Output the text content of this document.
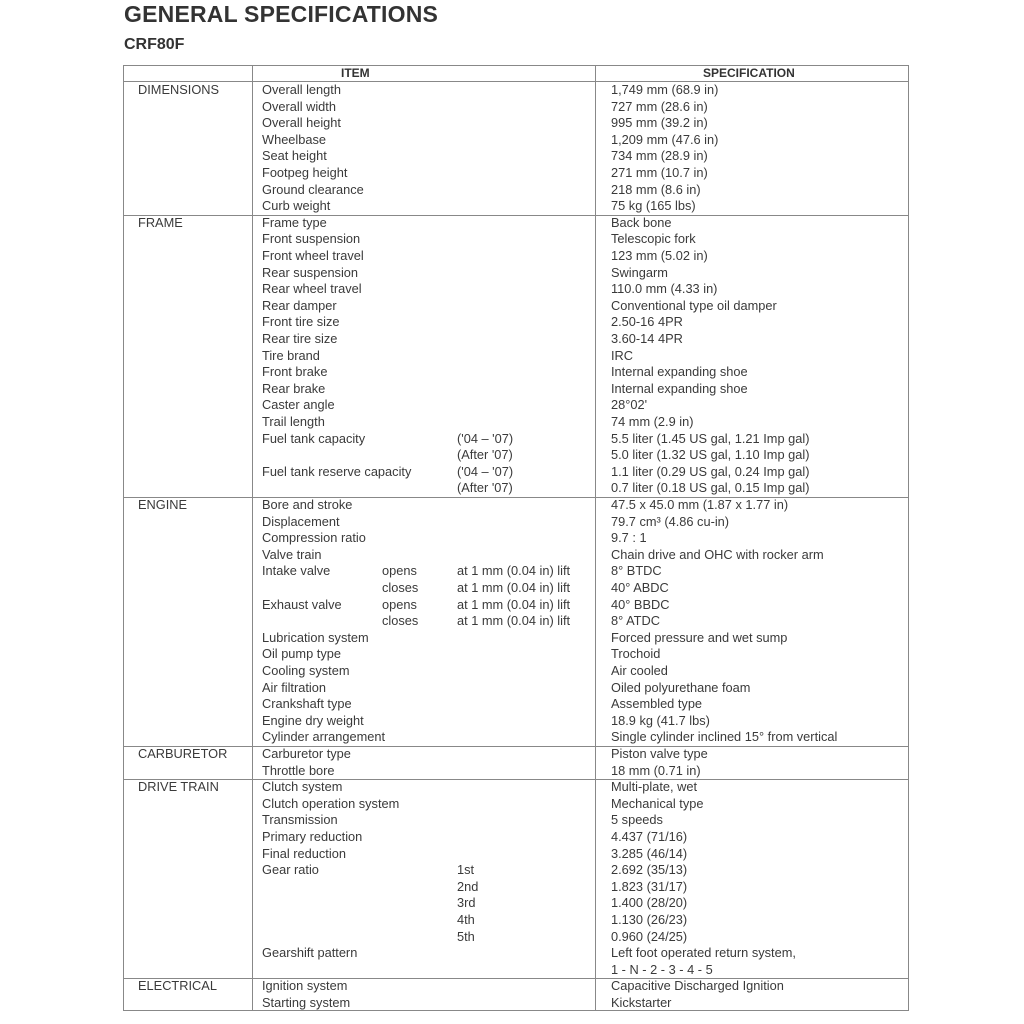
GENERAL SPECIFICATIONS
CRF80F
ITEM	SPECIFICATION
DIMENSIONS	Overall length	1,749 mm (68.9 in)
Overall width	727 mm (28.6 in)
Overall height	995 mm (39.2 in)
Wheelbase	1,209 mm (47.6 in)
Seat height	734 mm (28.9 in)
Footpeg height	271 mm (10.7 in)
Ground clearance	218 mm (8.6 in)
Curb weight	75 kg (165 lbs)
FRAME	Frame type	Back bone
Front suspension	Telescopic fork
Front wheel travel	123 mm (5.02 in)
Rear suspension	Swingarm
Rear wheel travel	110.0 mm (4.33 in)
Rear damper	Conventional type oil damper
Front tire size	2.50-16 4PR
Rear tire size	3.60-14 4PR
Tire brand	IRC
Front brake	Internal expanding shoe
Rear brake	Internal expanding shoe
Caster angle	28°02'
Trail length	74 mm (2.9 in)
Fuel tank capacity	('04 – '07)	5.5 liter (1.45 US gal, 1.21 Imp gal)
(After '07)	5.0 liter (1.32 US gal, 1.10 Imp gal)
Fuel tank reserve capacity	('04 – '07)	1.1 liter (0.29 US gal, 0.24 Imp gal)
(After '07)	0.7 liter (0.18 US gal, 0.15 Imp gal)
ENGINE	Bore and stroke	47.5 x 45.0 mm (1.87 x 1.77 in)
Displacement	79.7 cm³ (4.86 cu-in)
Compression ratio	9.7 : 1
Valve train	Chain drive and OHC with rocker arm
Intake valve	opens	at 1 mm (0.04 in) lift	8° BTDC
closes	at 1 mm (0.04 in) lift	40° ABDC
Exhaust valve	opens	at 1 mm (0.04 in) lift	40° BBDC
closes	at 1 mm (0.04 in) lift	8° ATDC
Lubrication system	Forced pressure and wet sump
Oil pump type	Trochoid
Cooling system	Air cooled
Air filtration	Oiled polyurethane foam
Crankshaft type	Assembled type
Engine dry weight	18.9 kg (41.7 lbs)
Cylinder arrangement	Single cylinder inclined 15° from vertical
CARBURETOR	Carburetor type	Piston valve type
Throttle bore	18 mm (0.71 in)
DRIVE TRAIN	Clutch system	Multi-plate, wet
Clutch operation system	Mechanical type
Transmission	5 speeds
Primary reduction	4.437 (71/16)
Final reduction	3.285 (46/14)
Gear ratio	1st	2.692 (35/13)
2nd	1.823 (31/17)
3rd	1.400 (28/20)
4th	1.130 (26/23)
5th	0.960 (24/25)
Gearshift pattern	Left foot operated return system,
1 - N - 2 - 3 - 4 - 5
ELECTRICAL	Ignition system	Capacitive Discharged Ignition
Starting system	Kickstarter
